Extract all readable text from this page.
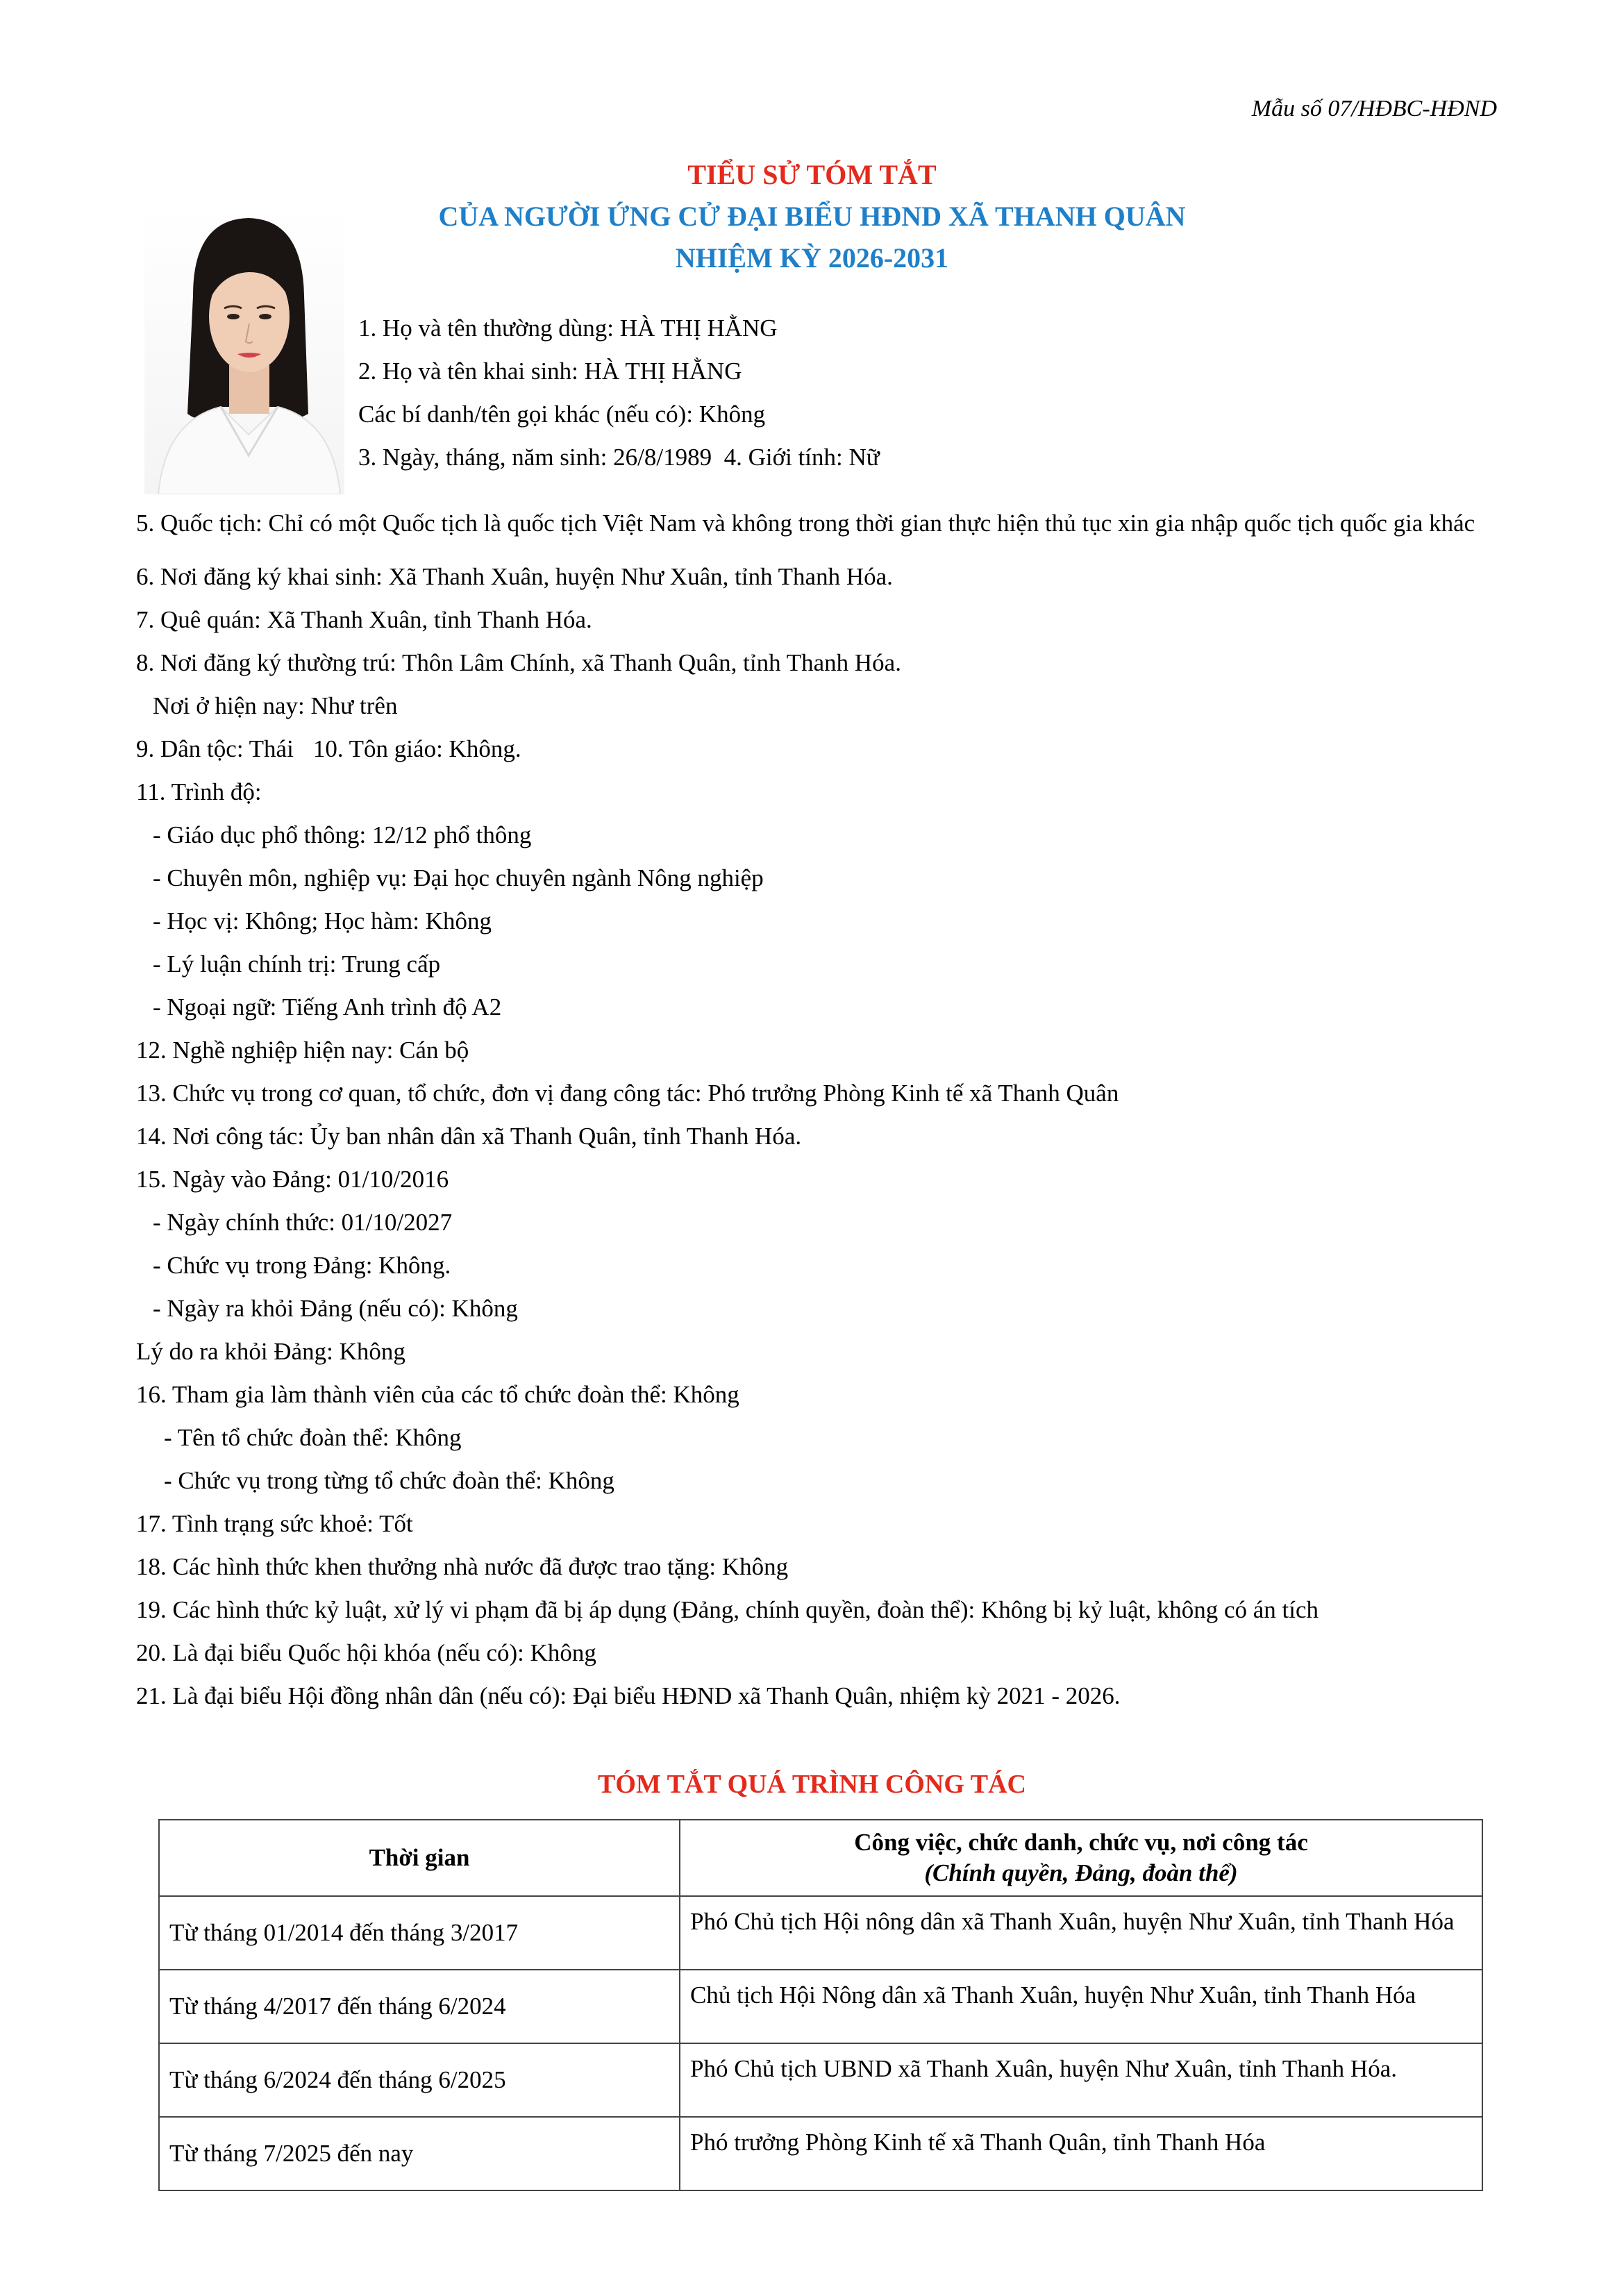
Mẫu số 07/HĐBC-HĐND
TIỂU SỬ TÓM TẮT
CỦA NGƯỜI ỨNG CỬ ĐẠI BIỂU HĐND XÃ THANH QUÂN
NHIỆM KỲ 2026-2031
1. Họ và tên thường dùng: HÀ THỊ HẰNG
2. Họ và tên khai sinh: HÀ THỊ HẰNG
Các bí danh/tên gọi khác (nếu có): Không
3. Ngày, tháng, năm sinh: 26/8/1989 4. Giới tính: Nữ
5. Quốc tịch: Chỉ có một Quốc tịch là quốc tịch Việt Nam và không trong thời gian thực hiện thủ tục xin gia nhập quốc tịch quốc gia khác
6. Nơi đăng ký khai sinh: Xã Thanh Xuân, huyện Như Xuân, tỉnh Thanh Hóa.
7. Quê quán: Xã Thanh Xuân, tỉnh Thanh Hóa.
8. Nơi đăng ký thường trú: Thôn Lâm Chính, xã Thanh Quân, tỉnh Thanh Hóa.
Nơi ở hiện nay: Như trên
9. Dân tộc: Thái 10. Tôn giáo: Không.
11. Trình độ:
- Giáo dục phổ thông: 12/12 phổ thông
- Chuyên môn, nghiệp vụ: Đại học chuyên ngành Nông nghiệp
- Học vị: Không; Học hàm: Không
- Lý luận chính trị: Trung cấp
- Ngoại ngữ: Tiếng Anh trình độ A2
12. Nghề nghiệp hiện nay: Cán bộ
13. Chức vụ trong cơ quan, tổ chức, đơn vị đang công tác: Phó trưởng Phòng Kinh tế xã Thanh Quân
14. Nơi công tác: Ủy ban nhân dân xã Thanh Quân, tỉnh Thanh Hóa.
15. Ngày vào Đảng: 01/10/2016
- Ngày chính thức: 01/10/2027
- Chức vụ trong Đảng: Không.
- Ngày ra khỏi Đảng (nếu có): Không
Lý do ra khỏi Đảng: Không
16. Tham gia làm thành viên của các tổ chức đoàn thể: Không
- Tên tổ chức đoàn thể: Không
- Chức vụ trong từng tổ chức đoàn thể: Không
17. Tình trạng sức khoẻ: Tốt
18. Các hình thức khen thưởng nhà nước đã được trao tặng: Không
19. Các hình thức kỷ luật, xử lý vi phạm đã bị áp dụng (Đảng, chính quyền, đoàn thể): Không bị kỷ luật, không có án tích
20. Là đại biểu Quốc hội khóa (nếu có): Không
21. Là đại biểu Hội đồng nhân dân (nếu có): Đại biểu HĐND xã Thanh Quân, nhiệm kỳ 2021 - 2026.
TÓM TẮT QUÁ TRÌNH CÔNG TÁC
Thời gian	Công việc, chức danh, chức vụ, nơi công tác
(Chính quyền, Đảng, đoàn thể)

Từ tháng 01/2014 đến tháng 3/2017	Phó Chủ tịch Hội nông dân xã Thanh Xuân, huyện Như Xuân, tỉnh Thanh Hóa
Từ tháng 4/2017 đến tháng 6/2024	Chủ tịch Hội Nông dân xã Thanh Xuân, huyện Như Xuân, tỉnh Thanh Hóa
Từ tháng 6/2024 đến tháng 6/2025	Phó Chủ tịch UBND xã Thanh Xuân, huyện Như Xuân, tỉnh Thanh Hóa.
Từ tháng 7/2025 đến nay	Phó trưởng Phòng Kinh tế xã Thanh Quân, tỉnh Thanh Hóa
